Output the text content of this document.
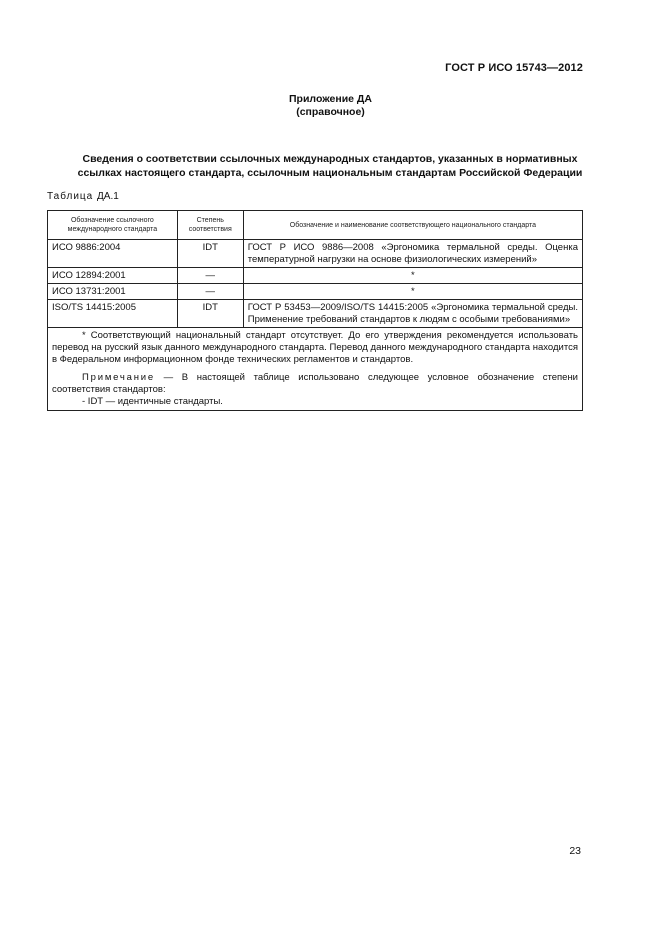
ГОСТ Р ИСО 15743—2012
Приложение ДА
(справочное)
Сведения о соответствии ссылочных международных стандартов, указанных в нормативных
ссылках настоящего стандарта, ссылочным национальным стандартам Российской Федерации
Таблица ДА.1
Обозначение ссылочного международного стандарта	Степень соответствия	Обозначение и наименование соответствующего национального стандарта
ИСО 9886:2004	IDT	ГОСТ Р ИСО 9886—2008 «Эргономика термальной среды. Оценка температурной нагрузки на основе физиологических измерений»
ИСО 12894:2001	—	*
ИСО 13731:2001	—	*
ISO/TS 14415:2005	IDT	ГОСТ Р 53453—2009/ISO/TS 14415:2005 «Эргономика термальной среды. Применение требований стандартов к людям с особыми требованиями»

* Соответствующий национальный стандарт отсутствует. До его утверждения рекомендуется использовать перевод на русский язык данного международного стандарта. Перевод данного международного стандарта находится в Федеральном информационном фонде технических регламентов и стандартов.

Примечание — В настоящей таблице использовано следующее условное обозначение степени соответствия стандартов:

- IDT — идентичные стандарты.		

23
